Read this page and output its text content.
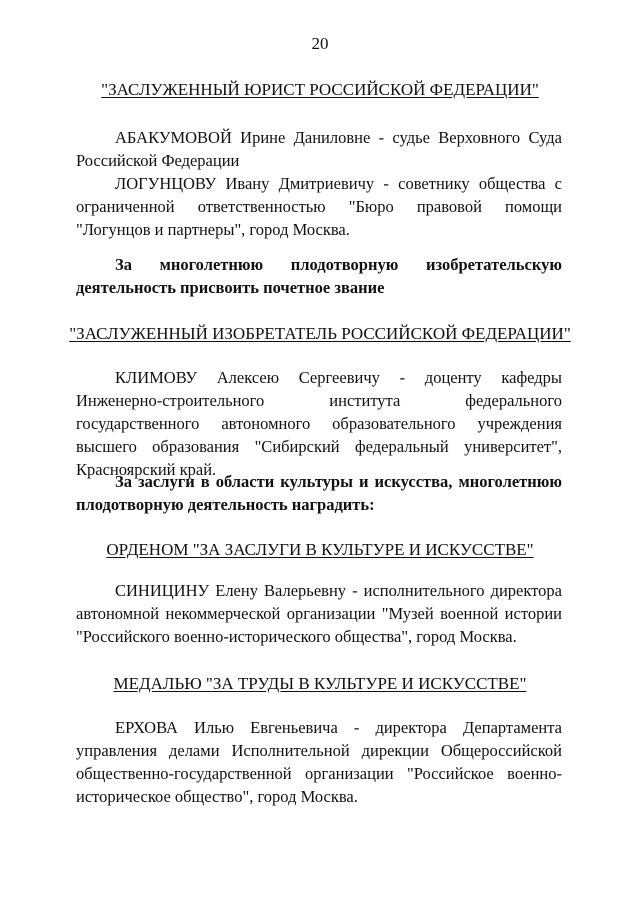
20
"ЗАСЛУЖЕННЫЙ ЮРИСТ РОССИЙСКОЙ ФЕДЕРАЦИИ"
АБАКУМОВОЙ Ирине Даниловне - судье Верховного Суда Российской Федерации
ЛОГУНЦОВУ Ивану Дмитриевичу - советнику общества с ограниченной ответственностью "Бюро правовой помощи "Логунцов и партнеры", город Москва.
За многолетнюю плодотворную изобретательскую деятельность присвоить почетное звание
"ЗАСЛУЖЕННЫЙ ИЗОБРЕТАТЕЛЬ РОССИЙСКОЙ ФЕДЕРАЦИИ"
КЛИМОВУ Алексею Сергеевичу - доценту кафедры Инженерно-строительного института федерального государственного автономного образовательного учреждения высшего образования "Сибирский федеральный университет", Красноярский край.
За заслуги в области культуры и искусства, многолетнюю плодотворную деятельность наградить:
ОРДЕНОМ "ЗА ЗАСЛУГИ В КУЛЬТУРЕ И ИСКУССТВЕ"
СИНИЦИНУ Елену Валерьевну - исполнительного директора автономной некоммерческой организации "Музей военной истории "Российского военно-исторического общества", город Москва.
МЕДАЛЬЮ "ЗА ТРУДЫ В КУЛЬТУРЕ И ИСКУССТВЕ"
ЕРХОВА Илью Евгеньевича - директора Департамента управления делами Исполнительной дирекции Общероссийской общественно-государственной организации "Российское военно-историческое общество", город Москва.
